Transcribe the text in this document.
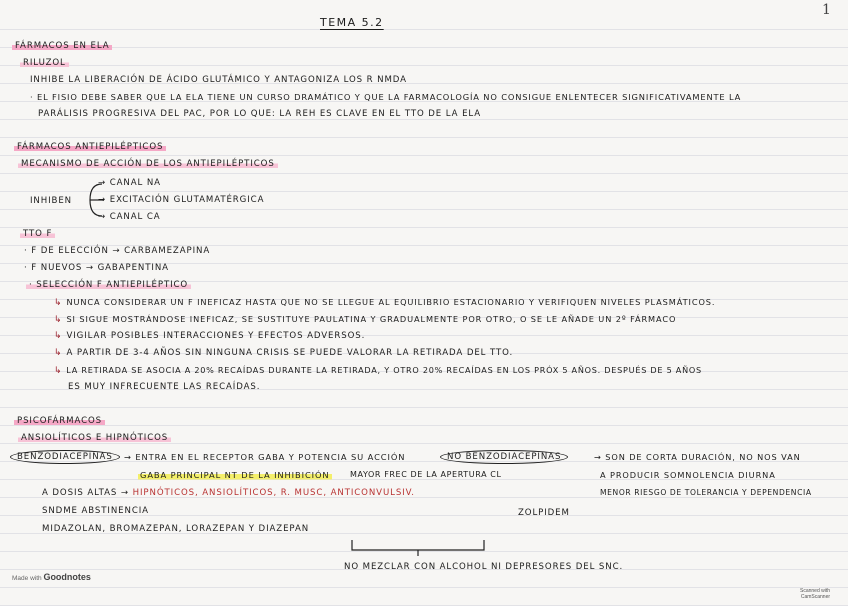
1
TEMA 5.2
FÁRMACOS EN ELA
RILUZOL
INHIBE LA LIBERACIÓN DE ÁCIDO GLUTÁMICO Y ANTAGONIZA LOS R NMDA
· EL FISIO DEBE SABER QUE LA ELA TIENE UN CURSO DRAMÁTICO Y QUE LA FARMACOLOGÍA NO CONSIGUE ENLENTECER SIGNIFICATIVAMENTE LA
PARÁLISIS PROGRESIVA DEL PAC, POR LO QUE: LA REH ES CLAVE EN EL TTO DE LA ELA
FÁRMACOS ANTIEPILÉPTICOS
MECANISMO DE ACCIÓN DE LOS ANTIEPILÉPTICOS
INHIBEN
→ CANAL NA
→ EXCITACIÓN GLUTAMATÉRGICA
→ CANAL CA
TTO F
· F DE ELECCIÓN → CARBAMEZAPINA
· F NUEVOS → GABAPENTINA
· SELECCIÓN F ANTIEPILÉPTICO
↳ NUNCA CONSIDERAR UN F INEFICAZ HASTA QUE NO SE LLEGUE AL EQUILIBRIO ESTACIONARIO Y VERIFIQUEN NIVELES PLASMÁTICOS.
↳ SI SIGUE MOSTRÁNDOSE INEFICAZ, SE SUSTITUYE PAULATINA Y GRADUALMENTE POR OTRO, O SE LE AÑADE UN 2º FÁRMACO
↳ VIGILAR POSIBLES INTERACCIONES Y EFECTOS ADVERSOS.
↳ A PARTIR DE 3-4 AÑOS SIN NINGUNA CRISIS SE PUEDE VALORAR LA RETIRADA DEL TTO.
↳ LA RETIRADA SE ASOCIA A 20% RECAÍDAS DURANTE LA RETIRADA, Y OTRO 20% RECAÍDAS EN LOS PRÓX 5 AÑOS. DESPUÉS DE 5 AÑOS
ES MUY INFRECUENTE LAS RECAÍDAS.
PSICOFÁRMACOS
ANSIOLÍTICOS E HIPNÓTICOS
BENZODIACEPINAS	→ ENTRA EN EL RECEPTOR GABA Y POTENCIA SU ACCIÓN
GABA PRINCIPAL NT DE LA INHIBICIÓN	MAYOR FREC DE LA APERTURA CL
A DOSIS ALTAS → HIPNÓTICOS, ANSIOLÍTICOS, R. MUSC, ANTICONVULSIV.
SNDME ABSTINENCIA
MIDAZOLAN, BROMAZEPAN, LORAZEPAN Y DIAZEPAN
NO BENZODIACEPINAS	→ SON DE CORTA DURACIÓN, NO NOS VAN
A PRODUCIR SOMNOLENCIA DIURNA
MENOR RIESGO DE TOLERANCIA Y DEPENDENCIA
ZOLPIDEM
NO MEZCLAR CON ALCOHOL NI DEPRESORES DEL SNC.
Made with Goodnotes
Scanned with
CamScanner
